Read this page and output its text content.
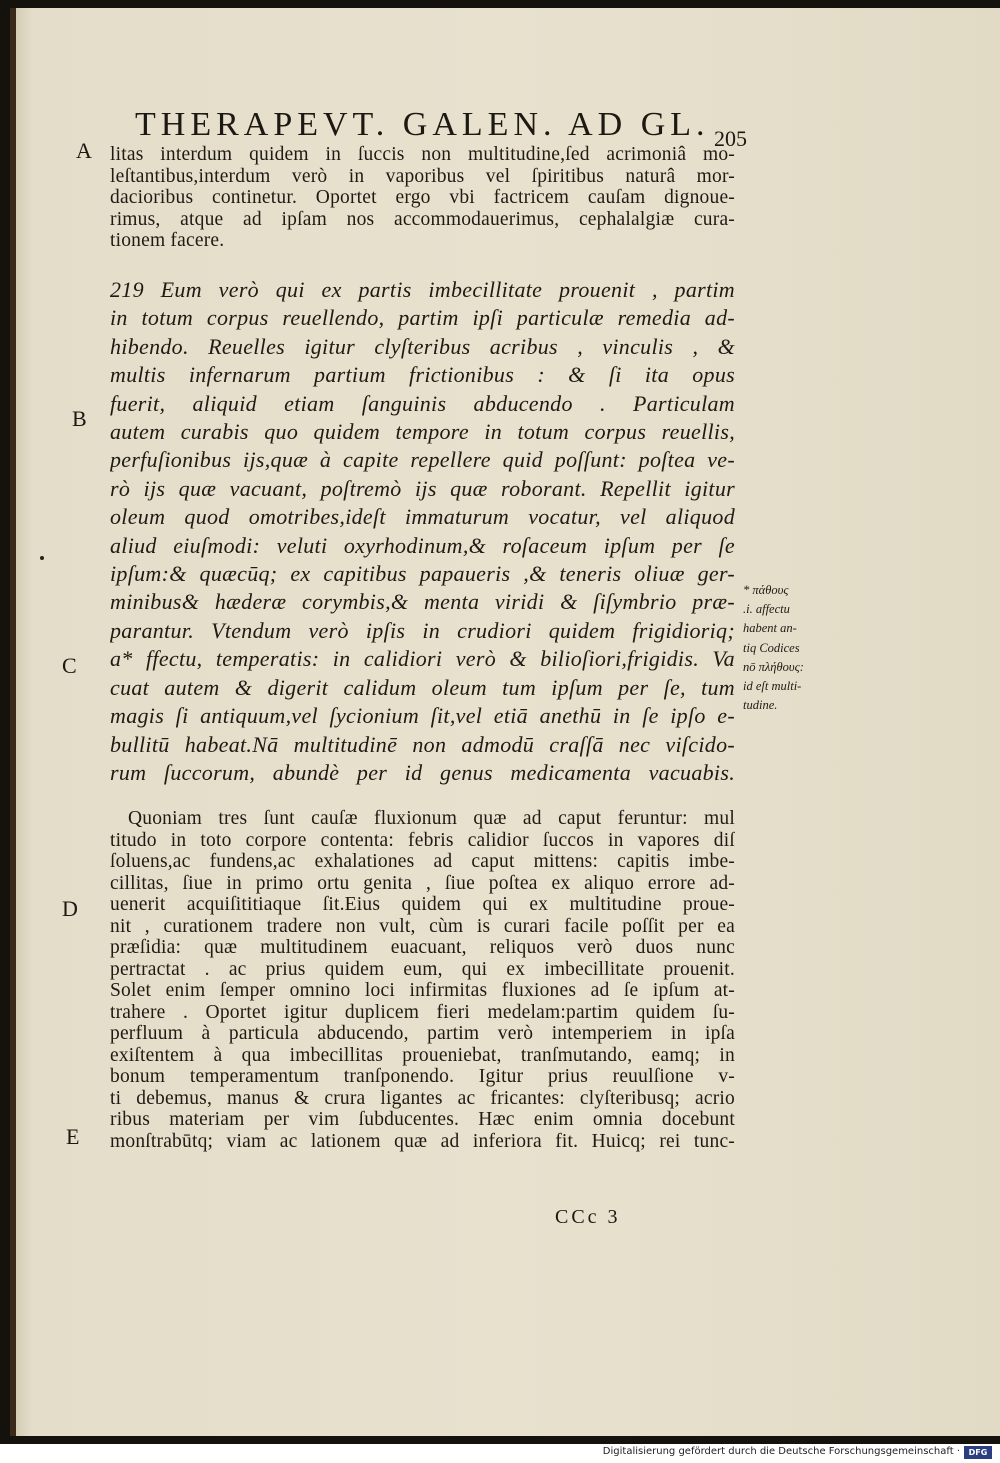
THERAPEVT. GALEN. AD GL. 205
A
B
C
D
E
litas interdum quidem in ſuccis non multitudine,ſed acrimoniâ mo-
leſtantibus,interdum verò in vaporibus vel ſpiritibus naturâ mor-
dacioribus continetur. Oportet ergo vbi factricem cauſam dignoue-
rimus, atque ad ipſam nos accommodauerimus, cephalalgiæ cura-
tionem facere.
219 Eum verò qui ex partis imbecillitate prouenit , partim
in totum corpus reuellendo, partim ipſi particulæ remedia ad-
hibendo. Reuelles igitur clyſteribus acribus , vinculis , &
multis infernarum partium frictionibus : & ſi ita opus
fuerit, aliquid etiam ſanguinis abducendo . Particulam
autem curabis quo quidem tempore in totum corpus reuellis,
perfuſionibus ijs,quæ à capite repellere quid poſſunt: poſtea ve-
rò ijs quæ vacuant, poſtremò ijs quæ roborant. Repellit igitur
oleum quod omotribes,ideſt immaturum vocatur, vel aliquod
aliud eiuſmodi: veluti oxyrhodinum,& roſaceum ipſum per ſe
ipſum:& quæcūq; ex capitibus papaueris ,& teneris oliuæ ger-
minibus& hæderæ corymbis,& menta viridi & ſiſymbrio præ-
parantur. Vtendum verò ipſis in crudiori quidem frigidioriq;
a* ffectu, temperatis: in calidiori verò & bilioſiori,frigidis. Va
cuat autem & digerit calidum oleum tum ipſum per ſe, tum
magis ſi antiquum,vel ſycionium ſit,vel etiā anethū in ſe ipſo e-
bullitū habeat.Nā multitudinē non admodū craſſā nec viſcido-
rum ſuccorum, abundè per id genus medicamenta vacuabis.
Quoniam tres ſunt cauſæ fluxionum quæ ad caput feruntur: mul
titudo in toto corpore contenta: febris calidior ſuccos in vapores diſ
ſoluens,ac fundens,ac exhalationes ad caput mittens: capitis imbe-
cillitas, ſiue in primo ortu genita , ſiue poſtea ex aliquo errore ad-
uenerit acquiſititiaque ſit.Eius quidem qui ex multitudine proue-
nit , curationem tradere non vult, cùm is curari facile poſſit per ea
præſidia: quæ multitudinem euacuant, reliquos verò duos nunc
pertractat . ac prius quidem eum, qui ex imbecillitate prouenit.
Solet enim ſemper omnino loci infirmitas fluxiones ad ſe ipſum at-
trahere . Oportet igitur duplicem fieri medelam:partim quidem ſu-
perfluum à particula abducendo, partim verò intemperiem in ipſa
exiſtentem à qua imbecillitas proueniebat, tranſmutando, eamq; in
bonum temperamentum tranſponendo. Igitur prius reuulſione v-
ti debemus, manus & crura ligantes ac fricantes: clyſteribusq; acrio
ribus materiam per vim ſubducentes. Hæc enim omnia docebunt
monſtrabūtq; viam ac lationem quæ ad inferiora fit. Huicq; rei tunc-
* πάθους
.i. affectu
habent an-
tiq Codices
nō πλήθους:
id eſt multi-
tudine.
CCc 3
Digitalisierung gefördert durch die Deutsche Forschungsgemeinschaft ·	DFG
